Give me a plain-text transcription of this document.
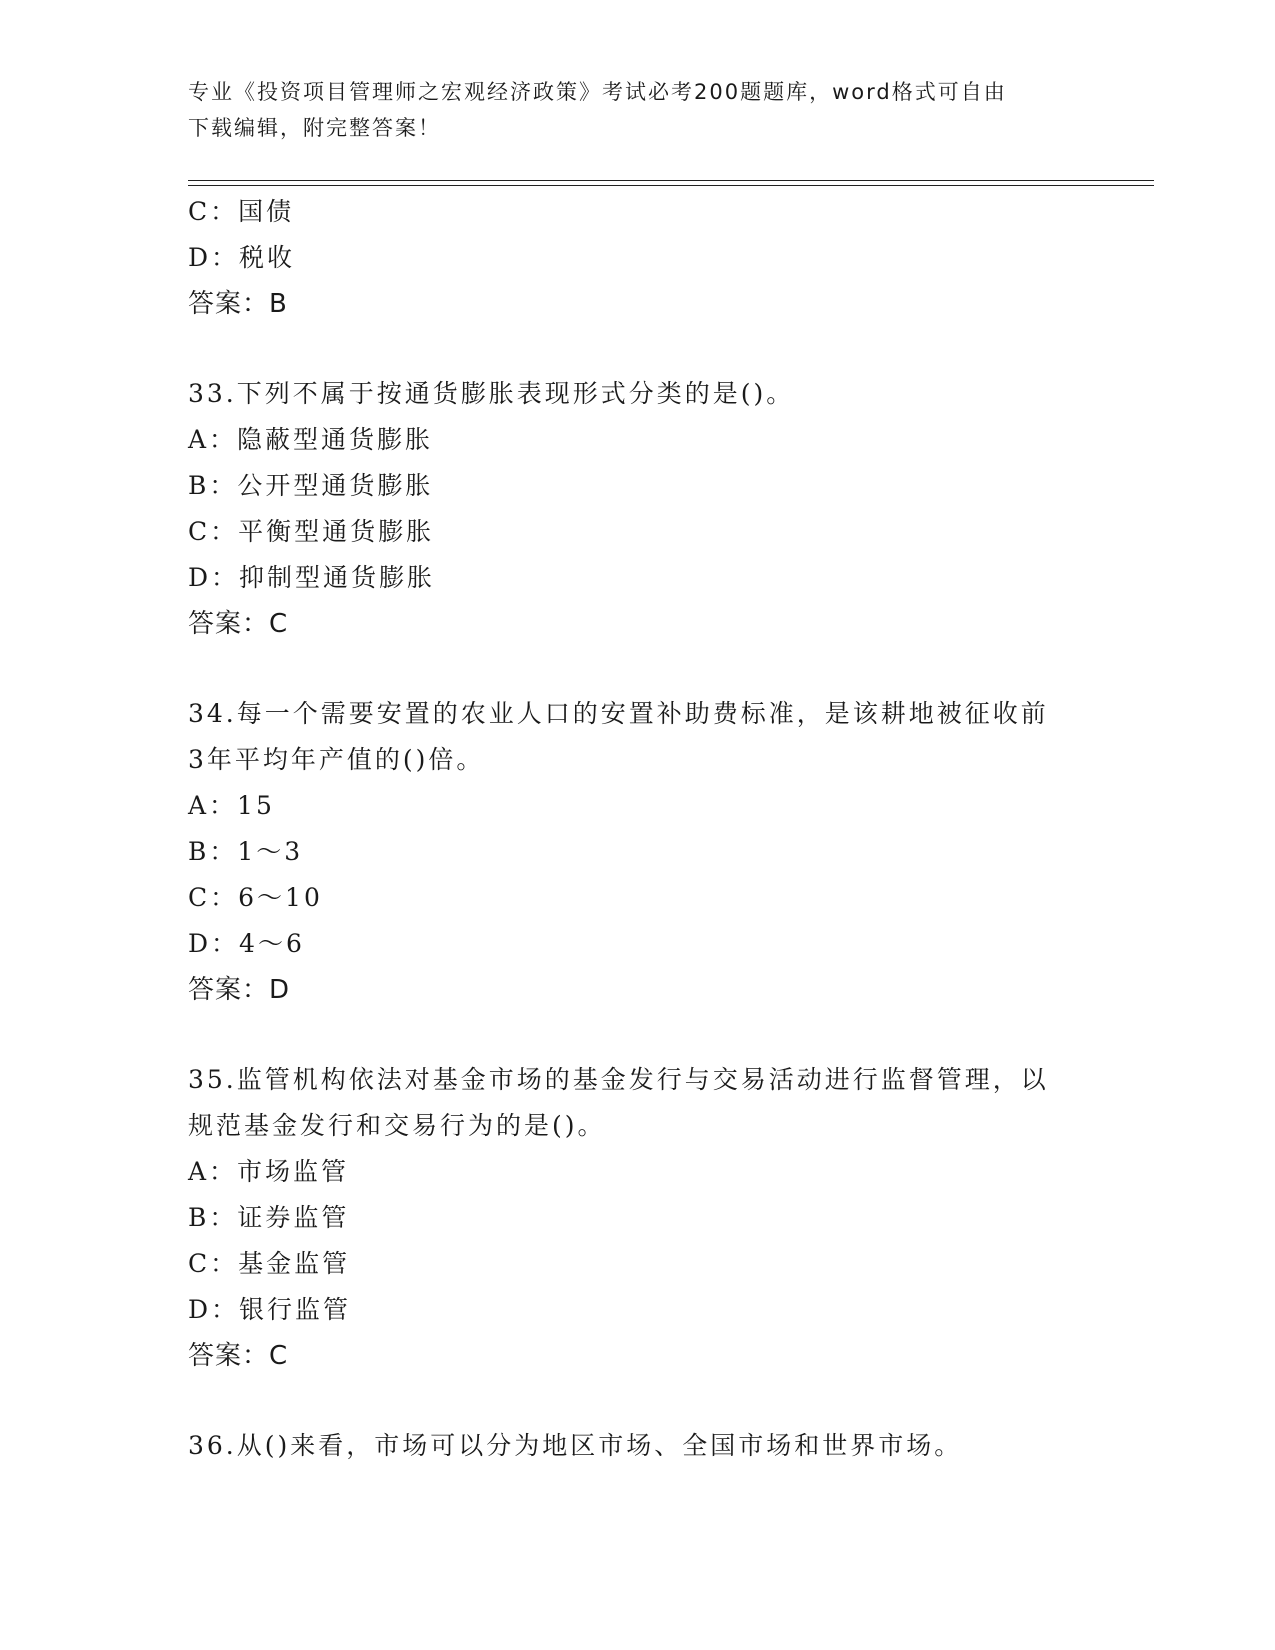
专业《投资项目管理师之宏观经济政策》考试必考200题题库，word格式可自由
下载编辑，附完整答案！
C：国债
D：税收
答案：B
33.下列不属于按通货膨胀表现形式分类的是()。
A：隐蔽型通货膨胀
B：公开型通货膨胀
C：平衡型通货膨胀
D：抑制型通货膨胀
答案：C
34.每一个需要安置的农业人口的安置补助费标准，是该耕地被征收前
3年平均年产值的()倍。
A：15
B：1～3
C：6～10
D：4～6
答案：D
35.监管机构依法对基金市场的基金发行与交易活动进行监督管理，以
规范基金发行和交易行为的是()。
A：市场监管
B：证券监管
C：基金监管
D：银行监管
答案：C
36.从()来看，市场可以分为地区市场、全国市场和世界市场。
